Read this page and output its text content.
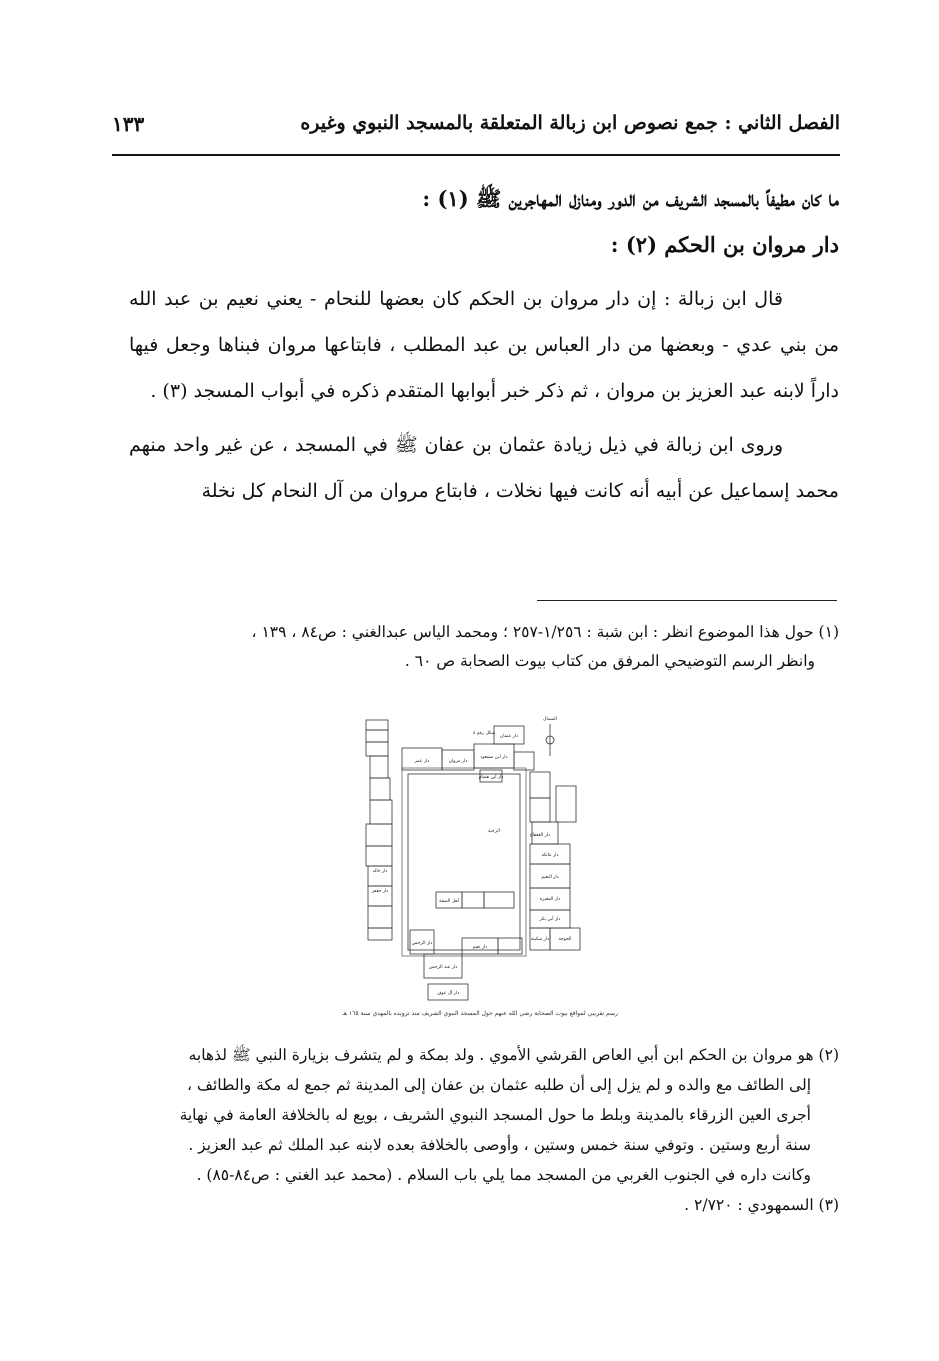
الفصل الثاني : جمع نصوص ابن زبالة المتعلقة بالمسجد النبوي وغيره
١٣٣

ما كان مطيفاً بالمسجد الشريف من الدور ومنازل المهاجرين ﷺ (١) :

دار مروان بن الحكم (٢) :

قال ابن زبالة : إن دار مروان بن الحكم كان بعضها للنحام - يعني نعيم بن عبد الله من بني عدي - وبعضها من دار العباس بن عبد المطلب ، فابتاعها مروان فبناها وجعل فيها داراً لابنه عبد العزيز بن مروان ، ثم ذكر خبر أبوابها المتقدم ذكره في أبواب المسجد (٣) .

وروى ابن زبالة في ذيل زيادة عثمان بن عفان ﷺ في المسجد ، عن غير واحد منهم محمد إسماعيل عن أبيه أنه كانت فيها نخلات ، فابتاع مروان من آل النحام كل نخلة

(١) حول هذا الموضوع انظر : ابن شبة : ١/٢٥٦-٢٥٧ ؛ ومحمد الياس عبدالغني : ص٨٤ ، ١٣٩ ،
وانظر الرسم التوضيحي المرفق من كتاب بيوت الصحابة ص ٦٠ .

شكل رقم ٨
الشمال
دار عمر	دار مروان
دار ابن مسعود
دار عثمان
دار القعقاع
دار عاتكة
دار النعيم
دار المغيرة
دار أبي بكر
دار سكينة الخوخة
دار الرحمن
دار عبد الرحمن
دار آل عوف
دار خالد
دار جعفر
دار نعيم
أهل الصفة
الرحبة
دار ابن هشام
رسم تقريبي لمواقع بيوت الصحابة رضي الله عنهم حول المسجد النبوي الشريف منذ تزويده بالمهدي سنة ١٦٥ هـ

(٢) هو مروان بن الحكم ابن أبي العاص القرشي الأموي . ولد بمكة و لم يتشرف بزيارة النبي ﷺ لذهابه
إلى الطائف مع والده و لم يزل إلى أن طلبه عثمان بن عفان إلى المدينة ثم جمع له مكة والطائف ،
أجرى العين الزرقاء بالمدينة وبلط ما حول المسجد النبوي الشريف ، بويع له بالخلافة العامة في نهاية
سنة أربع وستين . وتوفي سنة خمس وستين ، وأوصى بالخلافة بعده لابنه عبد الملك ثم عبد العزيز .
وكانت داره في الجنوب الغربي من المسجد مما يلي باب السلام . (محمد عبد الغني : ص٨٤-٨٥) .
(٣) السمهودي : ٢/٧٢٠ .
